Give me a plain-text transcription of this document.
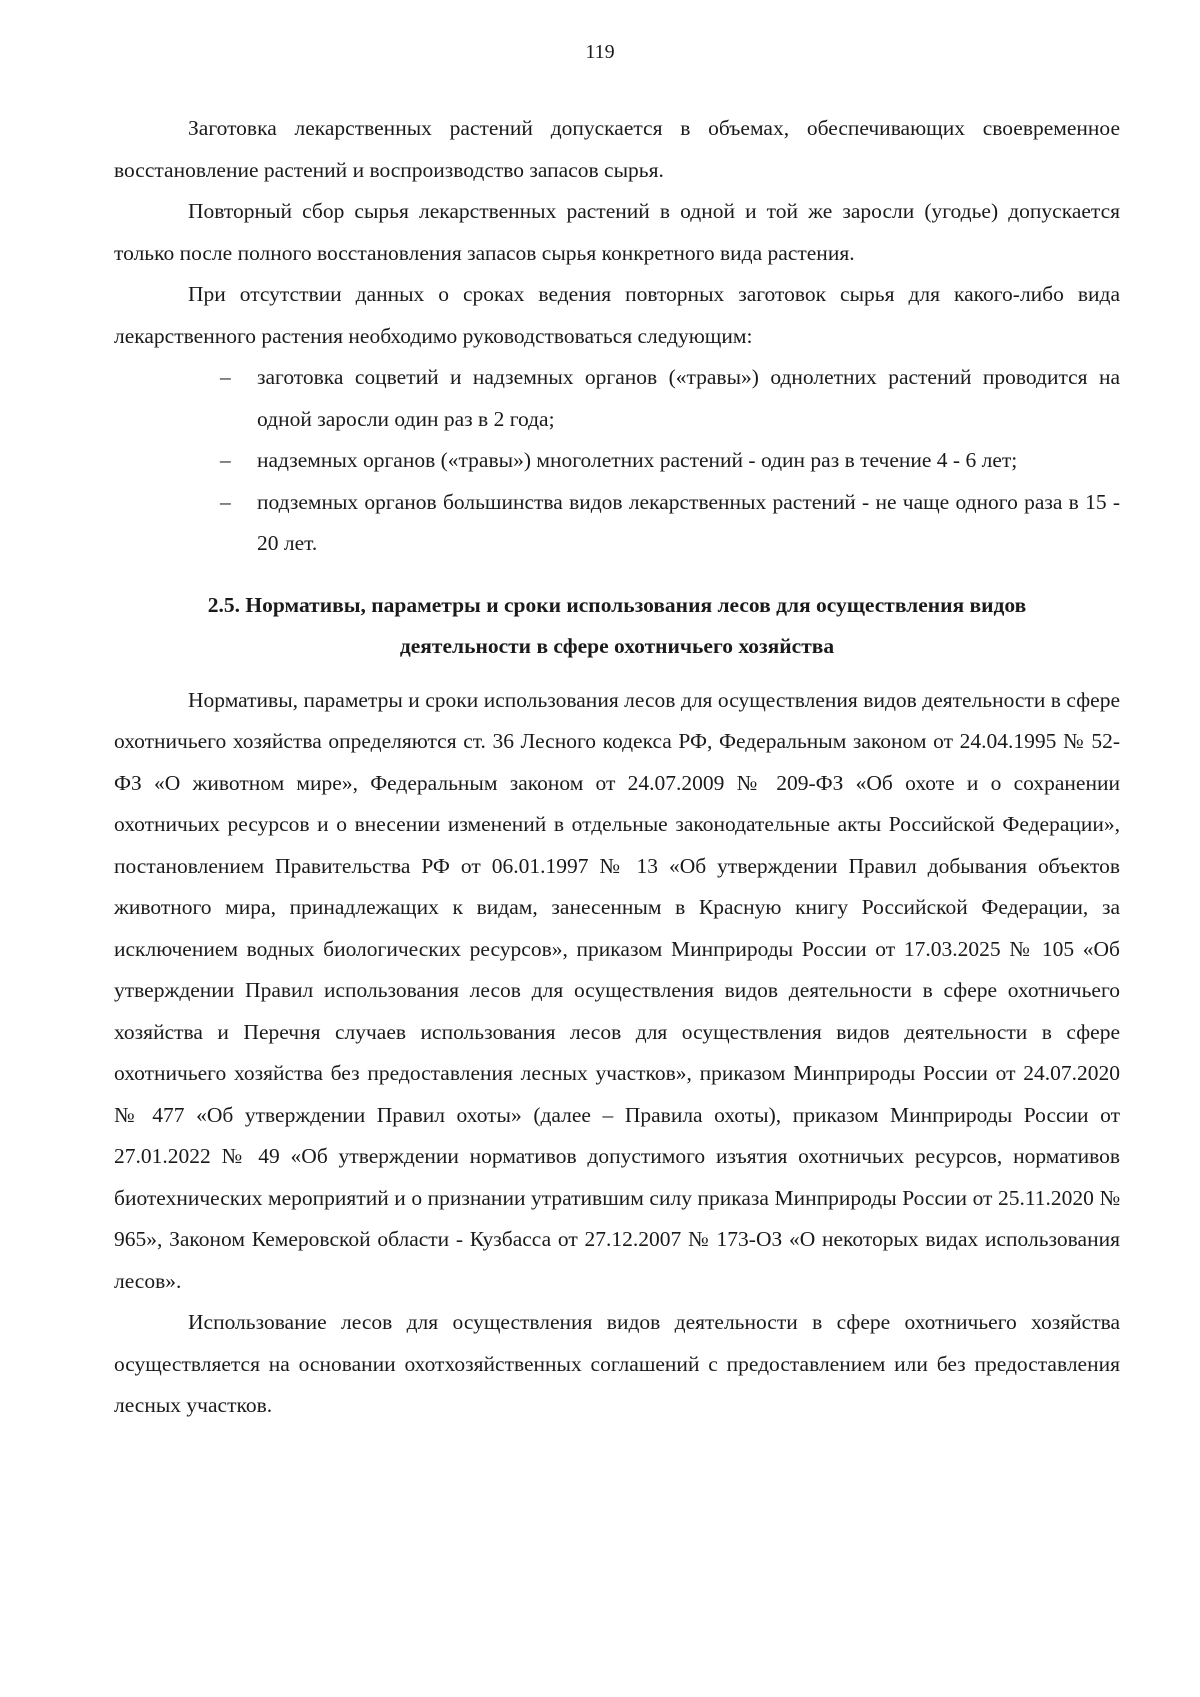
119

Заготовка лекарственных растений допускается в объемах, обеспечивающих своевременное восстановление растений и воспроизводство запасов сырья.

Повторный сбор сырья лекарственных растений в одной и той же заросли (угодье) допускается только после полного восстановления запасов сырья конкретного вида растения.

При отсутствии данных о сроках ведения повторных заготовок сырья для какого-либо вида лекарственного растения необходимо руководствоваться следующим:

– заготовка соцветий и надземных органов («травы») однолетних растений проводится на одной заросли один раз в 2 года;
– надземных органов («травы») многолетних растений - один раз в течение 4 - 6 лет;
– подземных органов большинства видов лекарственных растений - не чаще одного раза в 15 - 20 лет.
2.5. Нормативы, параметры и сроки использования лесов для осуществления видов
деятельности в сфере охотничьего хозяйства

Нормативы, параметры и сроки использования лесов для осуществления видов деятельности в сфере охотничьего хозяйства определяются ст. 36 Лесного кодекса РФ, Федеральным законом от 24.04.1995 № 52-ФЗ «О животном мире», Федеральным законом от 24.07.2009 № 209-ФЗ «Об охоте и о сохранении охотничьих ресурсов и о внесении изменений в отдельные законодательные акты Российской Федерации», постановлением Правительства РФ от 06.01.1997 № 13 «Об утверждении Правил добывания объектов животного мира, принадлежащих к видам, занесенным в Красную книгу Российской Федерации, за исключением водных биологических ресурсов», приказом Минприроды России от 17.03.2025 № 105 «Об утверждении Правил использования лесов для осуществления видов деятельности в сфере охотничьего хозяйства и Перечня случаев использования лесов для осуществления видов деятельности в сфере охотничьего хозяйства без предоставления лесных участков», приказом Минприроды России от 24.07.2020 № 477 «Об утверждении Правил охоты» (далее – Правила охоты), приказом Минприроды России от 27.01.2022 № 49 «Об утверждении нормативов допустимого изъятия охотничьих ресурсов, нормативов биотехнических мероприятий и о признании утратившим силу приказа Минприроды России от 25.11.2020 № 965», Законом Кемеровской области - Кузбасса от 27.12.2007 № 173-ОЗ «О некоторых видах использования лесов».

Использование лесов для осуществления видов деятельности в сфере охотничьего хозяйства осуществляется на основании охотхозяйственных соглашений с предоставлением или без предоставления лесных участков.
